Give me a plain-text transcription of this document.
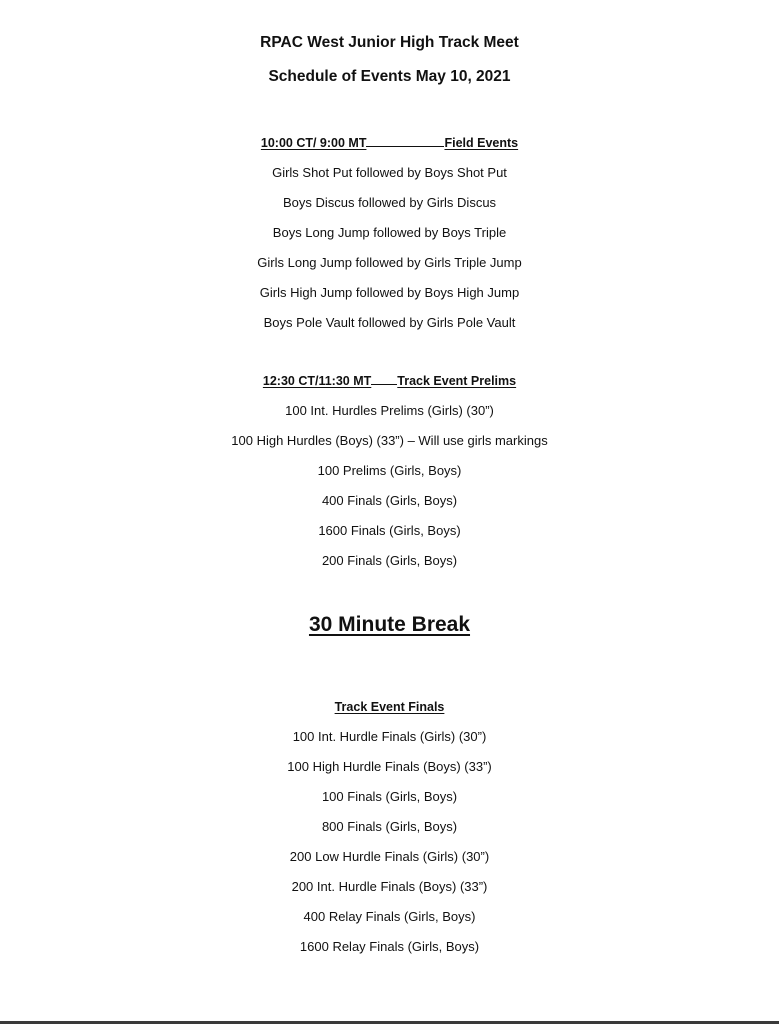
RPAC West Junior High Track Meet
Schedule of Events May 10, 2021
10:00 CT/ 9:00 MT	Field Events
Girls Shot Put followed by Boys Shot Put
Boys Discus followed by Girls Discus
Boys Long Jump followed by Boys Triple
Girls Long Jump followed by Girls Triple Jump
Girls High Jump followed by Boys High Jump
Boys Pole Vault followed by Girls Pole Vault
12:30 CT/11:30 MT Track Event Prelims
100 Int. Hurdles Prelims (Girls) (30”)
100 High Hurdles (Boys) (33”) – Will use girls markings
100 Prelims (Girls, Boys)
400 Finals (Girls, Boys)
1600 Finals (Girls, Boys)
200 Finals (Girls, Boys)
30 Minute Break
Track Event Finals
100 Int. Hurdle Finals (Girls) (30”)
100 High Hurdle Finals (Boys) (33”)
100 Finals (Girls, Boys)
800 Finals (Girls, Boys)
200 Low Hurdle Finals (Girls) (30”)
200 Int. Hurdle Finals (Boys) (33”)
400 Relay Finals (Girls, Boys)
1600 Relay Finals (Girls, Boys)
